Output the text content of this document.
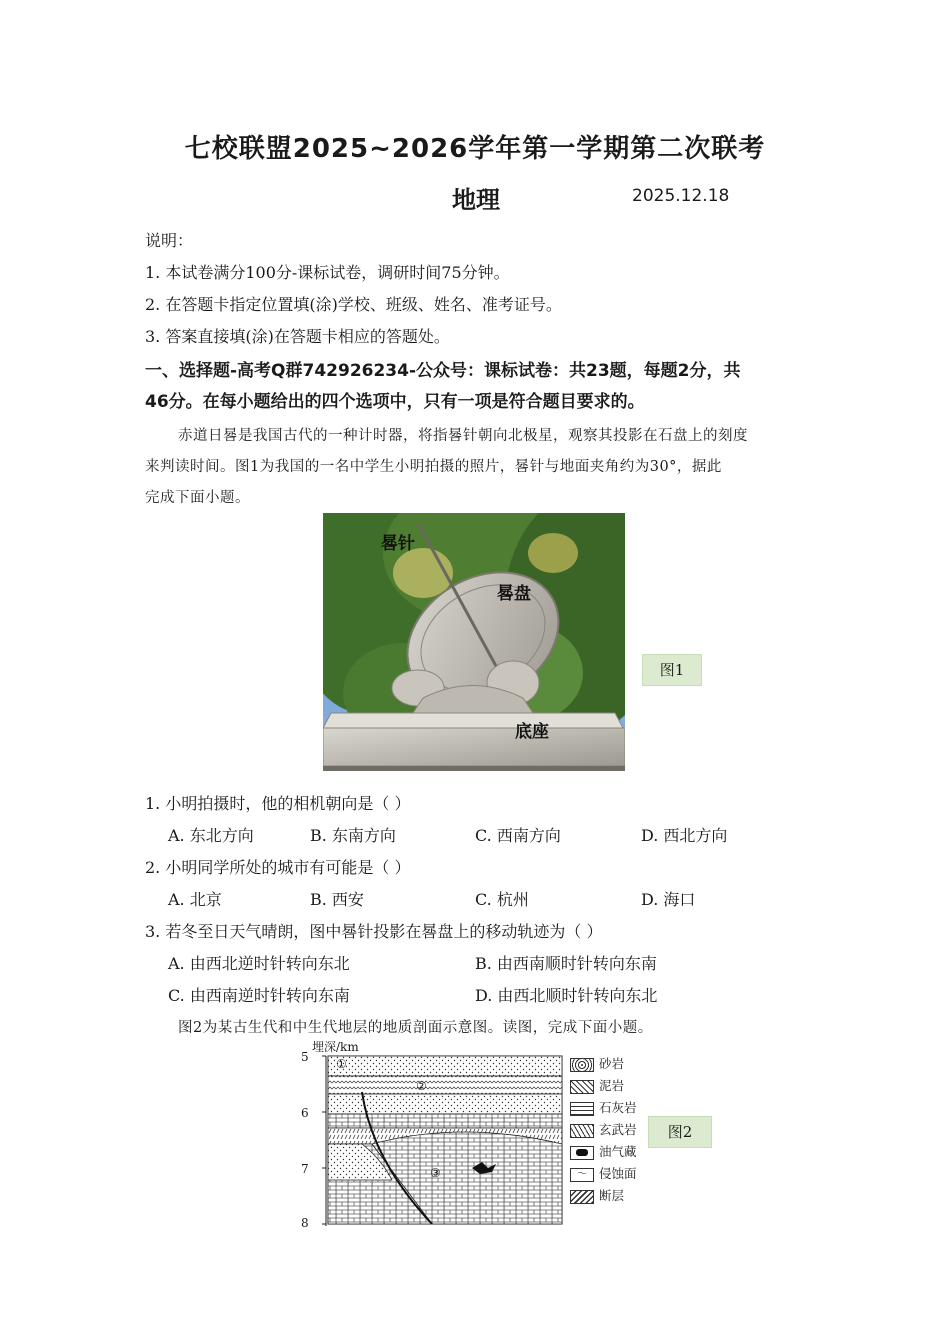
七校联盟2025~2026学年第一学期第二次联考
地理	2025.12.18
说明：
1. 本试卷满分100分-课标试卷，调研时间75分钟。
2. 在答题卡指定位置填(涂)学校、班级、姓名、准考证号。
3. 答案直接填(涂)在答题卡相应的答题处。
一、选择题-高考Q群742926234-公众号：课标试卷：共23题，每题2分，共
46分。在每小题给出的四个选项中，只有一项是符合题目要求的。
赤道日晷是我国古代的一种计时器，将指晷针朝向北极星，观察其投影在石盘上的刻度
来判读时间。图1为我国的一名中学生小明拍摄的照片，晷针与地面夹角约为30°，据此
完成下面小题。
晷针
晷盘
底座
图1
1. 小明拍摄时，他的相机朝向是（ ）
A. 东北方向	B. 东南方向	C. 西南方向	D. 西北方向
2. 小明同学所处的城市有可能是（ ）
A. 北京	B. 西安	C. 杭州	D. 海口
3. 若冬至日天气晴朗，图中晷针投影在晷盘上的移动轨迹为（ ）
A. 由西北逆时针转向东北	B. 由西南顺时针转向东南
C. 由西南逆时针转向东南	D. 由西北顺时针转向东北
图2为某古生代和中生代地层的地质剖面示意图。读图，完成下面小题。
埋深/km
5
6
7
8
①
②
③
砂岩
泥岩
石灰岩
玄武岩
油气藏
～ 侵蚀面
断层
图2
